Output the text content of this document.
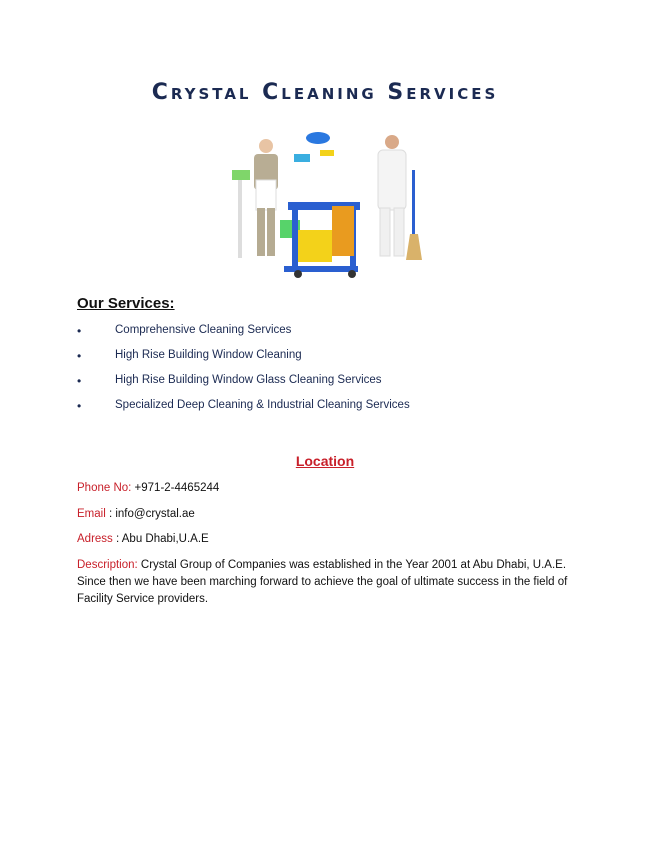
Crystal Cleaning Services
Our Services:
•	Comprehensive Cleaning Services
•	High Rise Building Window Cleaning
•	High Rise Building Window Glass Cleaning Services
•	Specialized Deep Cleaning & Industrial Cleaning Services
Location
Phone No: +971-2-4465244
Email : info@crystal.ae
Adress : Abu Dhabi,U.A.E
Description: Crystal Group of Companies was established in the Year 2001 at Abu Dhabi, U.A.E. Since then we have been marching forward to achieve the goal of ultimate success in the field of Facility Service providers.
